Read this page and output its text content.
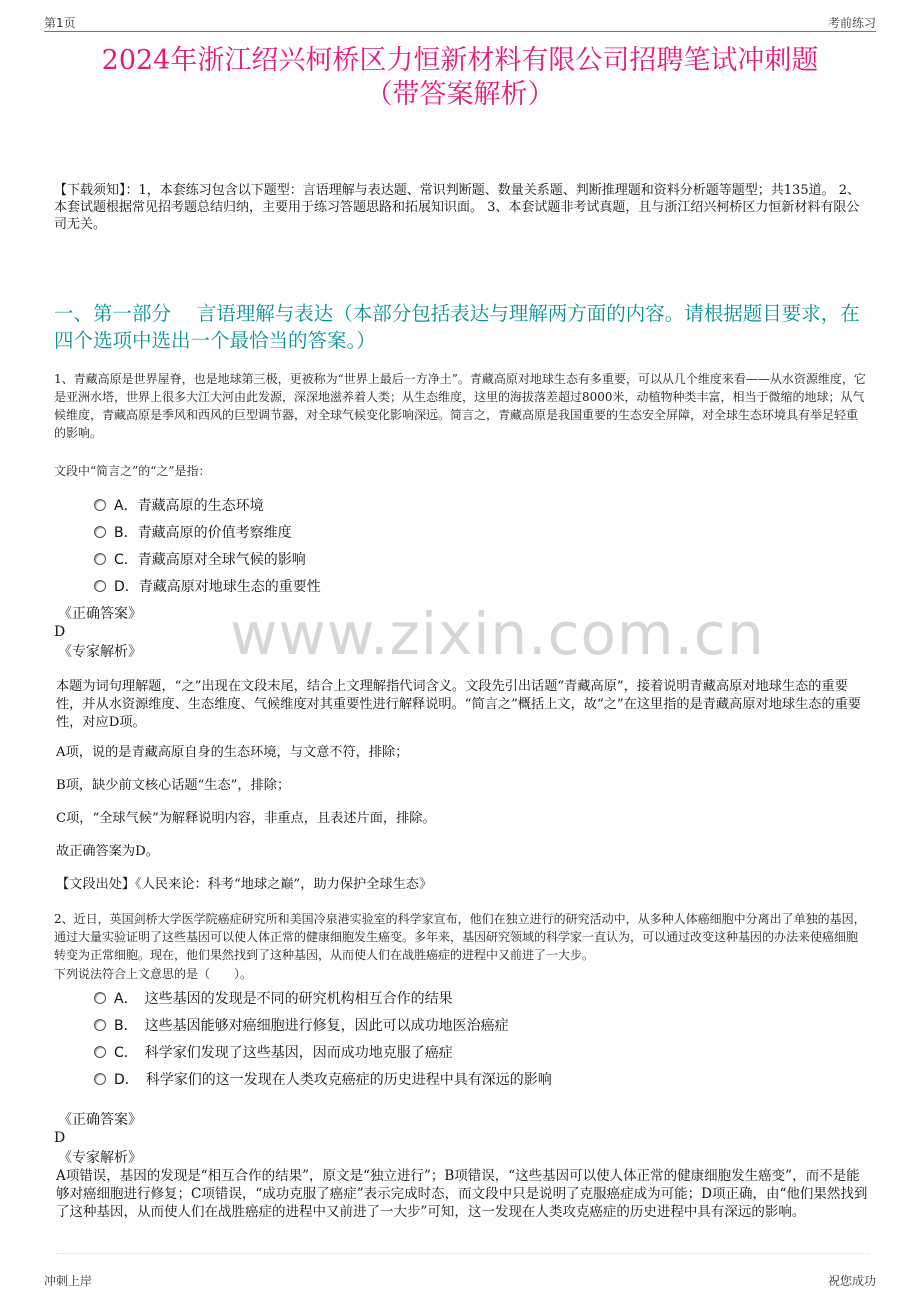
第1页	考前练习
2024年浙江绍兴柯桥区力恒新材料有限公司招聘笔试冲刺题
（带答案解析）
【下载须知】：1，本套练习包含以下题型：言语理解与表达题、常识判断题、数量关系题、判断推理题和资料分析题等题型；共135道。 2、本套试题根据常见招考题总结归纳，主要用于练习答题思路和拓展知识面。 3、本套试题非考试真题，且与浙江绍兴柯桥区力恒新材料有限公司无关。
一、第一部分　 言语理解与表达（本部分包括表达与理解两方面的内容。请根据题目要求，在四个选项中选出一个最恰当的答案。）
www.zixin.com.cn
1、青藏高原是世界屋脊，也是地球第三极，更被称为“世界上最后一方净土”。青藏高原对地球生态有多重要，可以从几个维度来看——从水资源维度，它是亚洲水塔，世界上很多大江大河由此发源，深深地滋养着人类；从生态维度，这里的海拔落差超过8000米，动植物种类丰富，相当于微缩的地球；从气候维度，青藏高原是季风和西风的巨型调节器，对全球气候变化影响深远。简言之，青藏高原是我国重要的生态安全屏障，对全球生态环境具有举足轻重的影响。
文段中“简言之”的“之”是指：
A．青藏高原的生态环境
B．青藏高原的价值考察维度
C．青藏高原对全球气候的影响
D．青藏高原对地球生态的重要性
《正确答案》
D
《专家解析》
本题为词句理解题，“之”出现在文段末尾，结合上文理解指代词含义。文段先引出话题“青藏高原”，接着说明青藏高原对地球生态的重要性，并从水资源维度、生态维度、气候维度对其重要性进行解释说明。“简言之”概括上文，故“之”在这里指的是青藏高原对地球生态的重要性，对应D项。
A项，说的是青藏高原自身的生态环境，与文意不符，排除；
B项，缺少前文核心话题“生态”，排除；
C项，“全球气候”为解释说明内容，非重点，且表述片面，排除。
故正确答案为D。
【文段出处】《人民来论：科考“地球之巅”，助力保护全球生态》
2、近日，英国剑桥大学医学院癌症研究所和美国冷泉港实验室的科学家宣布，他们在独立进行的研究活动中，从多种人体癌细胞中分离出了单独的基因，通过大量实验证明了这些基因可以使人体正常的健康细胞发生癌变。多年来，基因研究领域的科学家一直认为，可以通过改变这种基因的办法来使癌细胞转变为正常细胞。现在，他们果然找到了这种基因，从而使人们在战胜癌症的进程中又前进了一大步。
下列说法符合上文意思的是（　　）。
A．　这些基因的发现是不同的研究机构相互合作的结果
B．　这些基因能够对癌细胞进行修复，因此可以成功地医治癌症
C．　科学家们发现了这些基因，因而成功地克服了癌症
D．　科学家们的这一发现在人类攻克癌症的历史进程中具有深远的影响
《正确答案》
D
《专家解析》
A项错误，基因的发现是“相互合作的结果”，原文是“独立进行”；B项错误，“这些基因可以使人体正常的健康细胞发生癌变”，而不是能够对癌细胞进行修复；C项错误，“成功克服了癌症”表示完成时态，而文段中只是说明了克服癌症成为可能；D项正确，由“他们果然找到了这种基因，从而使人们在战胜癌症的进程中又前进了一大步”可知，这一发现在人类攻克癌症的历史进程中具有深远的影响。
冲刺上岸	祝您成功
